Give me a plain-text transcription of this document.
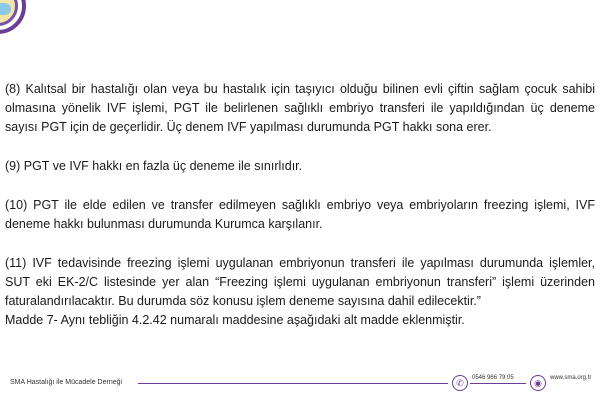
(8) Kalıtsal bir hastalığı olan veya bu hastalık için taşıyıcı olduğu bilinen evli çiftin sağlam çocuk sahibi olmasına yönelik IVF işlemi, PGT ile belirlenen sağlıklı embriyo transferi ile yapıldığından üç deneme sayısı PGT için de geçerlidir. Üç denem IVF yapılması durumunda PGT hakkı sona erer.

(9) PGT ve IVF hakkı en fazla üç deneme ile sınırlıdır.

(10) PGT ile elde edilen ve transfer edilmeyen sağlıklı embriyo veya embriyoların freezing işlemi, IVF deneme hakkı bulunması durumunda Kurumca karşılanır.

(11) IVF tedavisinde freezing işlemi uygulanan embriyonun transferi ile yapılması durumunda işlemler, SUT eki EK-2/C listesinde yer alan “Freezing işlemi uygulanan embriyonun transferi” işlemi üzerinden faturalandırılacaktır. Bu durumda söz konusu işlem deneme sayısına dahil edilecektir.”

Madde 7- Aynı tebliğin 4.2.42 numaralı maddesine aşağıdaki alt madde eklenmiştir.

SMA Hastalığı ile Mücadele Derneği	✆	0546 966 79 05	◉	www.sma.org.tr
